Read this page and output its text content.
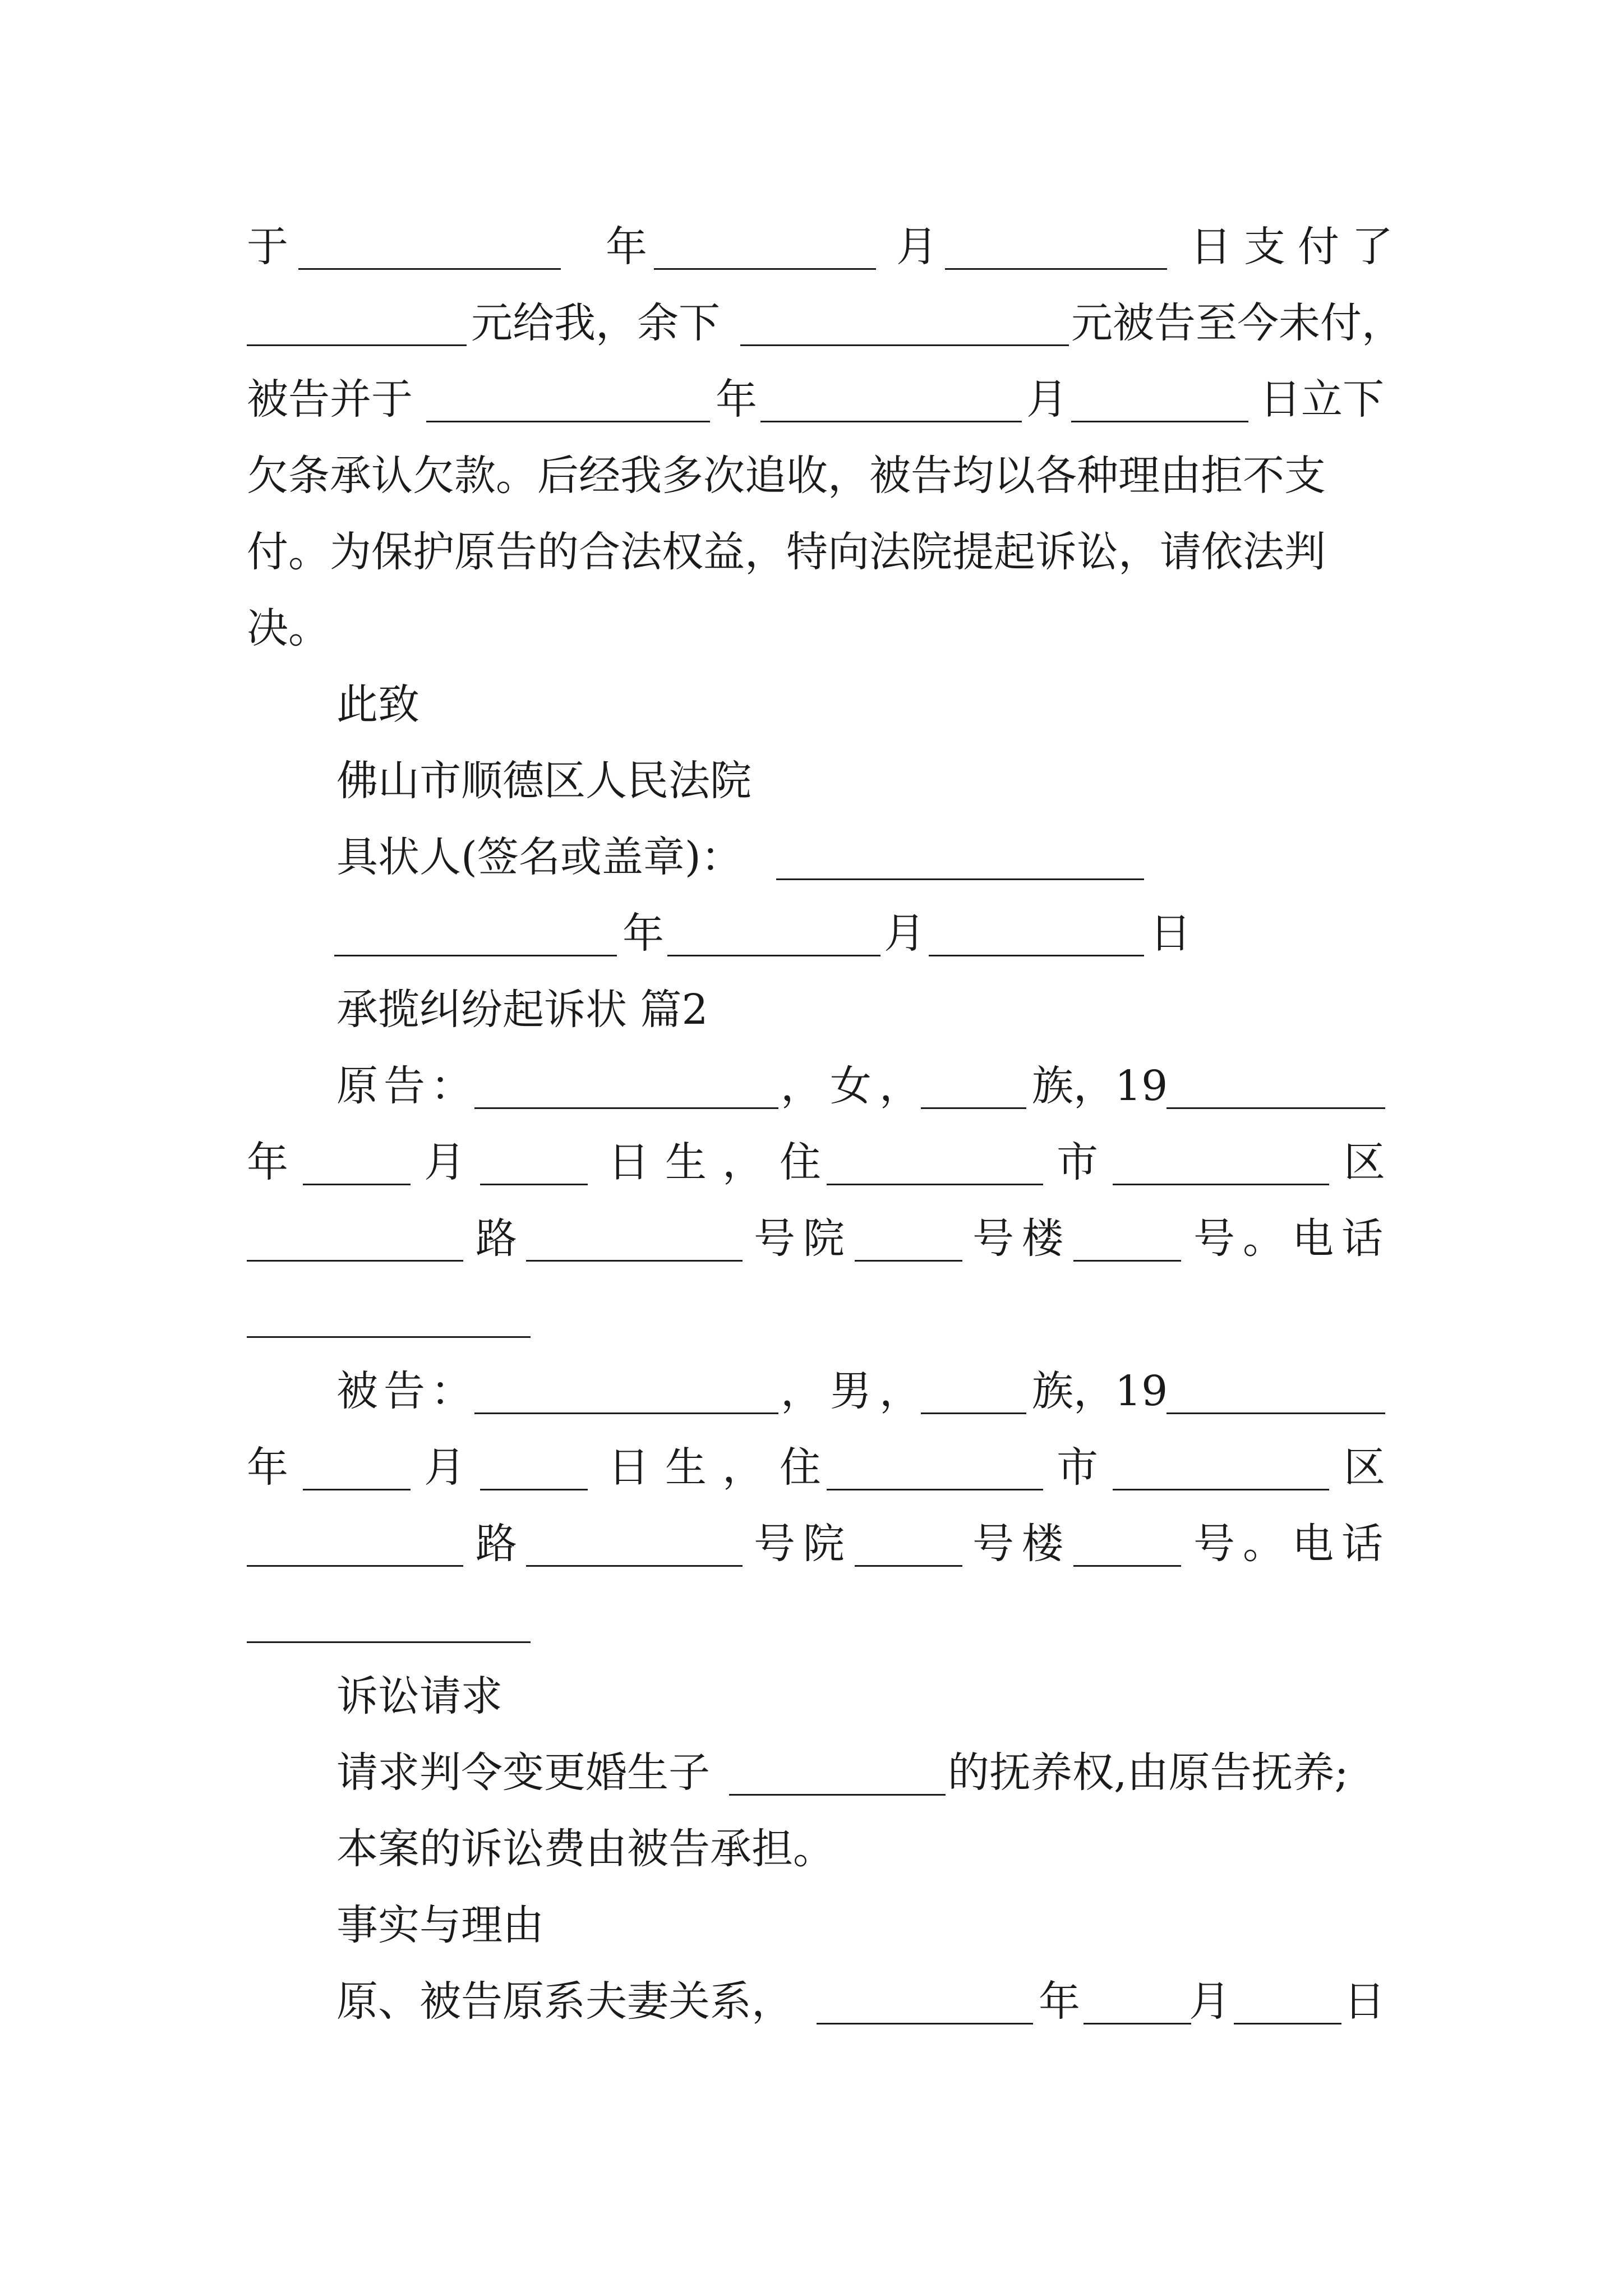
于	年	月	日支付了
元给我，余下	元被告至今未付，
被告并于	年	月	日立下
欠条承认欠款。后经我多次追收，被告均以各种理由拒不支
付。为保护原告的合法权益，特向法院提起诉讼，请依法判
决。
此致
佛山市顺德区人民法院
具状人(签名或盖章)：
年	月	日
承揽纠纷起诉状 篇2
原告：	，女， 族，19
年	月	日生，住	市	区
路	号院	号楼	号。电话
被告：	，男， 族，19
年	月	日生，住	市	区
路	号院	号楼	号。电话
诉讼请求
请求判令变更婚生子	的抚养权,由原告抚养;
本案的诉讼费由被告承担。
事实与理由
原、被告原系夫妻关系，	年	月	日
